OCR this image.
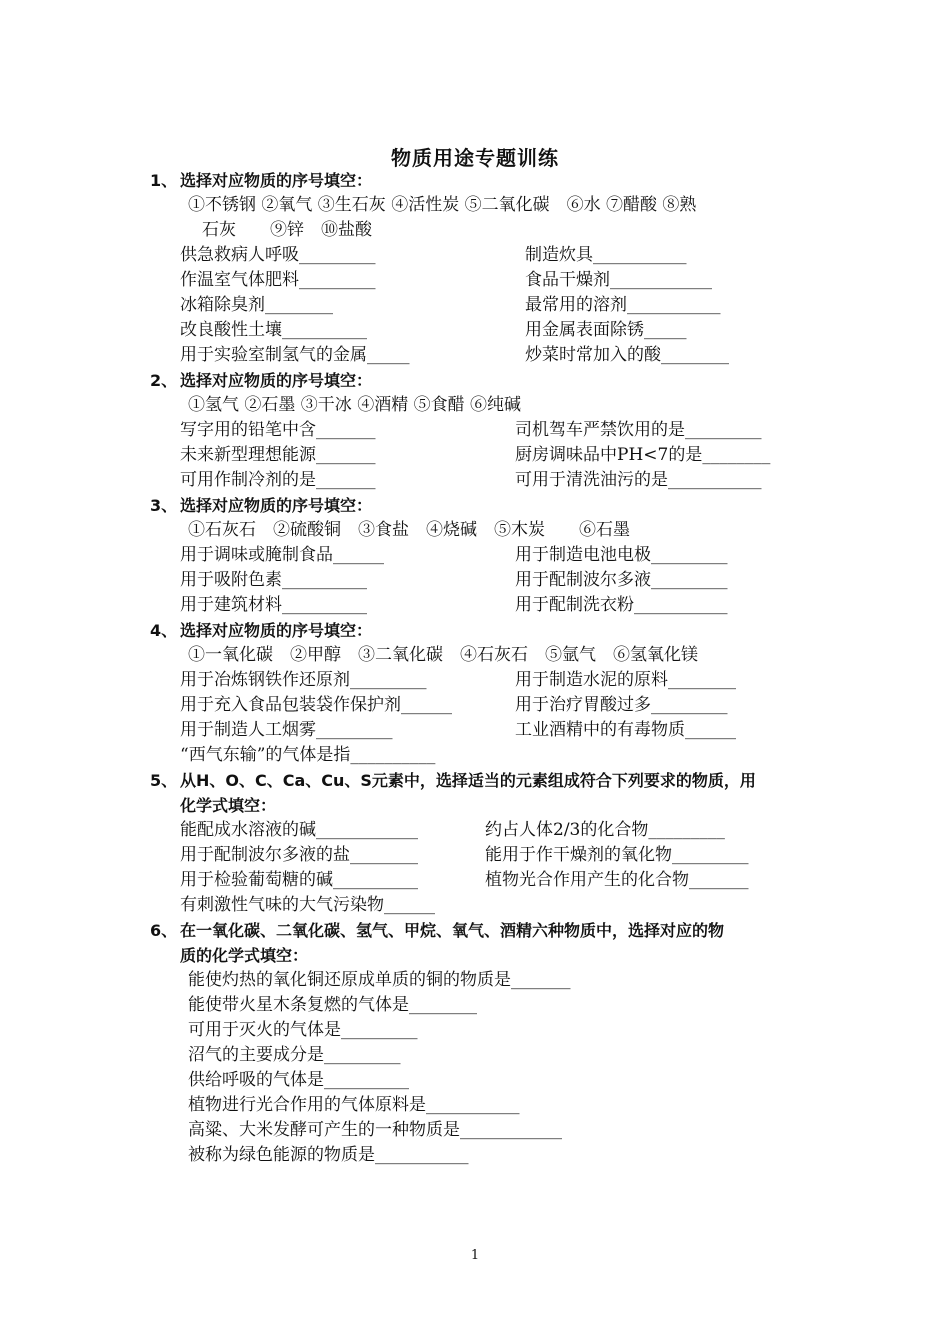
物质用途专题训练
1、 选择对应物质的序号填空：
①不锈钢 ②氧气 ③生石灰 ④活性炭 ⑤二氧化碳　⑥水 ⑦醋酸 ⑧熟
石灰　　⑨锌　⑩盐酸
供急救病人呼吸_________	制造炊具___________
作温室气体肥料_________	食品干燥剂____________
冰箱除臭剂________	最常用的溶剂___________
改良酸性土壤__________	用金属表面除锈_____
用于实验室制氢气的金属_____	炒菜时常加入的酸________
2、 选择对应物质的序号填空：
①氢气 ②石墨 ③干冰 ④酒精 ⑤食醋 ⑥纯碱
写字用的铅笔中含_______	司机驾车严禁饮用的是_________
未来新型理想能源_______	厨房调味品中PH<7的是________
可用作制冷剂的是_______	可用于清洗油污的是___________
3、 选择对应物质的序号填空：
①石灰石　②硫酸铜　③食盐　④烧碱　⑤木炭　　⑥石墨
用于调味或腌制食品______	用于制造电池电极_________
用于吸附色素__________	用于配制波尔多液_________
用于建筑材料__________	用于配制洗衣粉___________
4、 选择对应物质的序号填空：
①一氧化碳　②甲醇　③二氧化碳　④石灰石　⑤氩气　⑥氢氧化镁
用于冶炼钢铁作还原剂_________	用于制造水泥的原料________
用于充入食品包装袋作保护剂______	用于治疗胃酸过多_________
用于制造人工烟雾_________	工业酒精中的有毒物质______
“西气东输”的气体是指__________
5、 从H、O、C、Ca、Cu、S元素中，选择适当的元素组成符合下列要求的物质，用
化学式填空：
能配成水溶液的碱____________	约占人体2/3的化合物_________
用于配制波尔多液的盐________	能用于作干燥剂的氧化物_________
用于检验葡萄糖的碱__________	植物光合作用产生的化合物_______
有刺激性气味的大气污染物______
6、 在一氧化碳、二氧化碳、氢气、甲烷、氧气、酒精六种物质中，选择对应的物
质的化学式填空：
能使灼热的氧化铜还原成单质的铜的物质是_______
能使带火星木条复燃的气体是________
可用于灭火的气体是_________
沼气的主要成分是_________
供给呼吸的气体是__________
植物进行光合作用的气体原料是___________
高粱、大米发酵可产生的一种物质是____________
被称为绿色能源的物质是___________
1
